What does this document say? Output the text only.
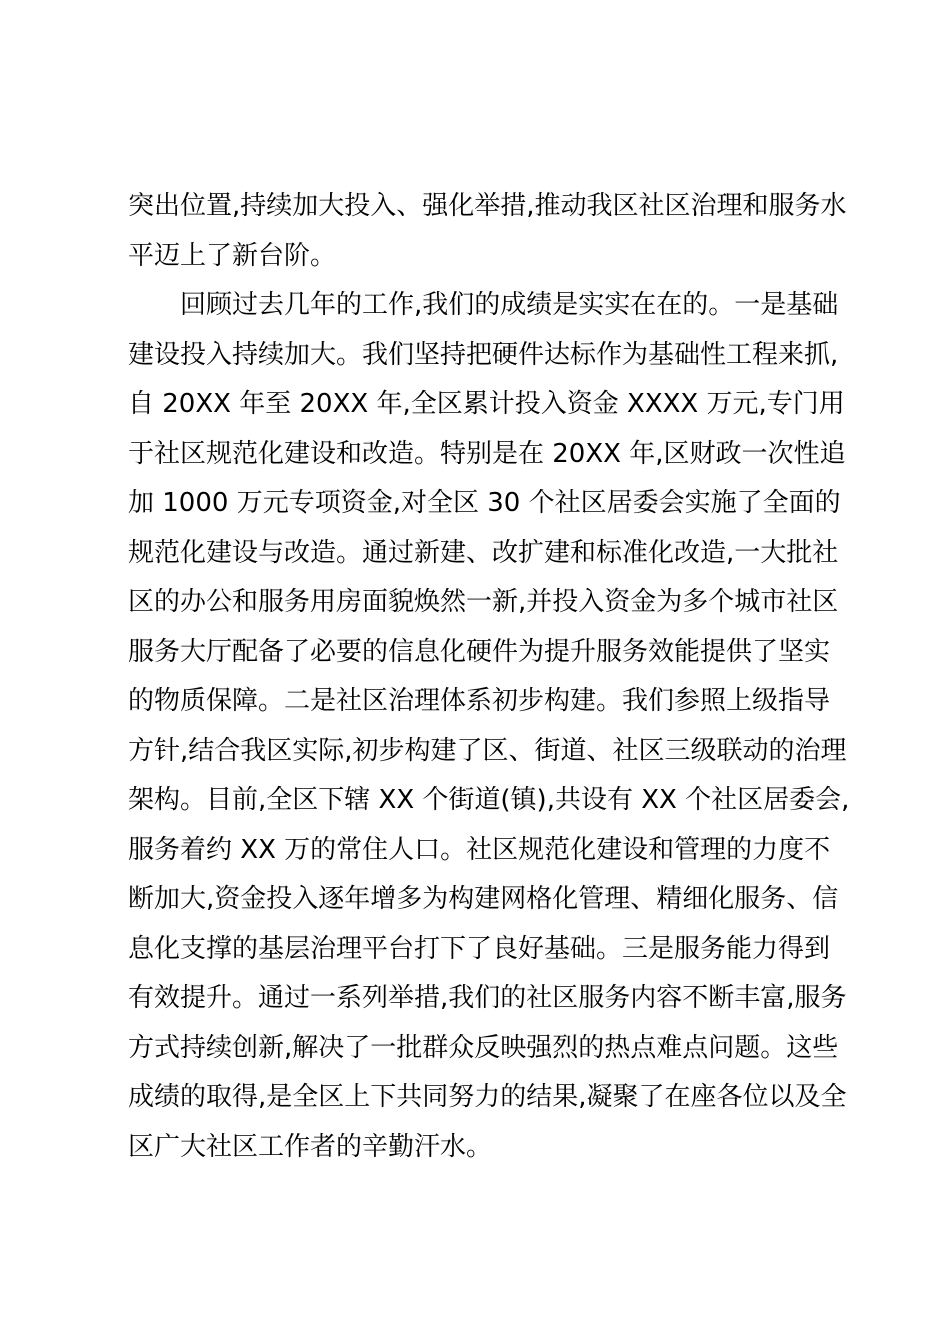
突出位置,持续加大投入、强化举措,推动我区社区治理和服务水
平迈上了新台阶。
回顾过去几年的工作,我们的成绩是实实在在的。一是基础
建设投入持续加大。我们坚持把硬件达标作为基础性工程来抓,
自 20XX 年至 20XX 年,全区累计投入资金 XXXX 万元,专门用
于社区规范化建设和改造。特别是在 20XX 年,区财政一次性追
加 1000 万元专项资金,对全区 30 个社区居委会实施了全面的
规范化建设与改造。通过新建、改扩建和标准化改造,一大批社
区的办公和服务用房面貌焕然一新,并投入资金为多个城市社区
服务大厅配备了必要的信息化硬件为提升服务效能提供了坚实
的物质保障。二是社区治理体系初步构建。我们参照上级指导
方针,结合我区实际,初步构建了区、街道、社区三级联动的治理
架构。目前,全区下辖 XX 个街道(镇),共设有 XX 个社区居委会,
服务着约 XX 万的常住人口。社区规范化建设和管理的力度不
断加大,资金投入逐年增多为构建网格化管理、精细化服务、信
息化支撑的基层治理平台打下了良好基础。三是服务能力得到
有效提升。通过一系列举措,我们的社区服务内容不断丰富,服务
方式持续创新,解决了一批群众反映强烈的热点难点问题。这些
成绩的取得,是全区上下共同努力的结果,凝聚了在座各位以及全
区广大社区工作者的辛勤汗水。
